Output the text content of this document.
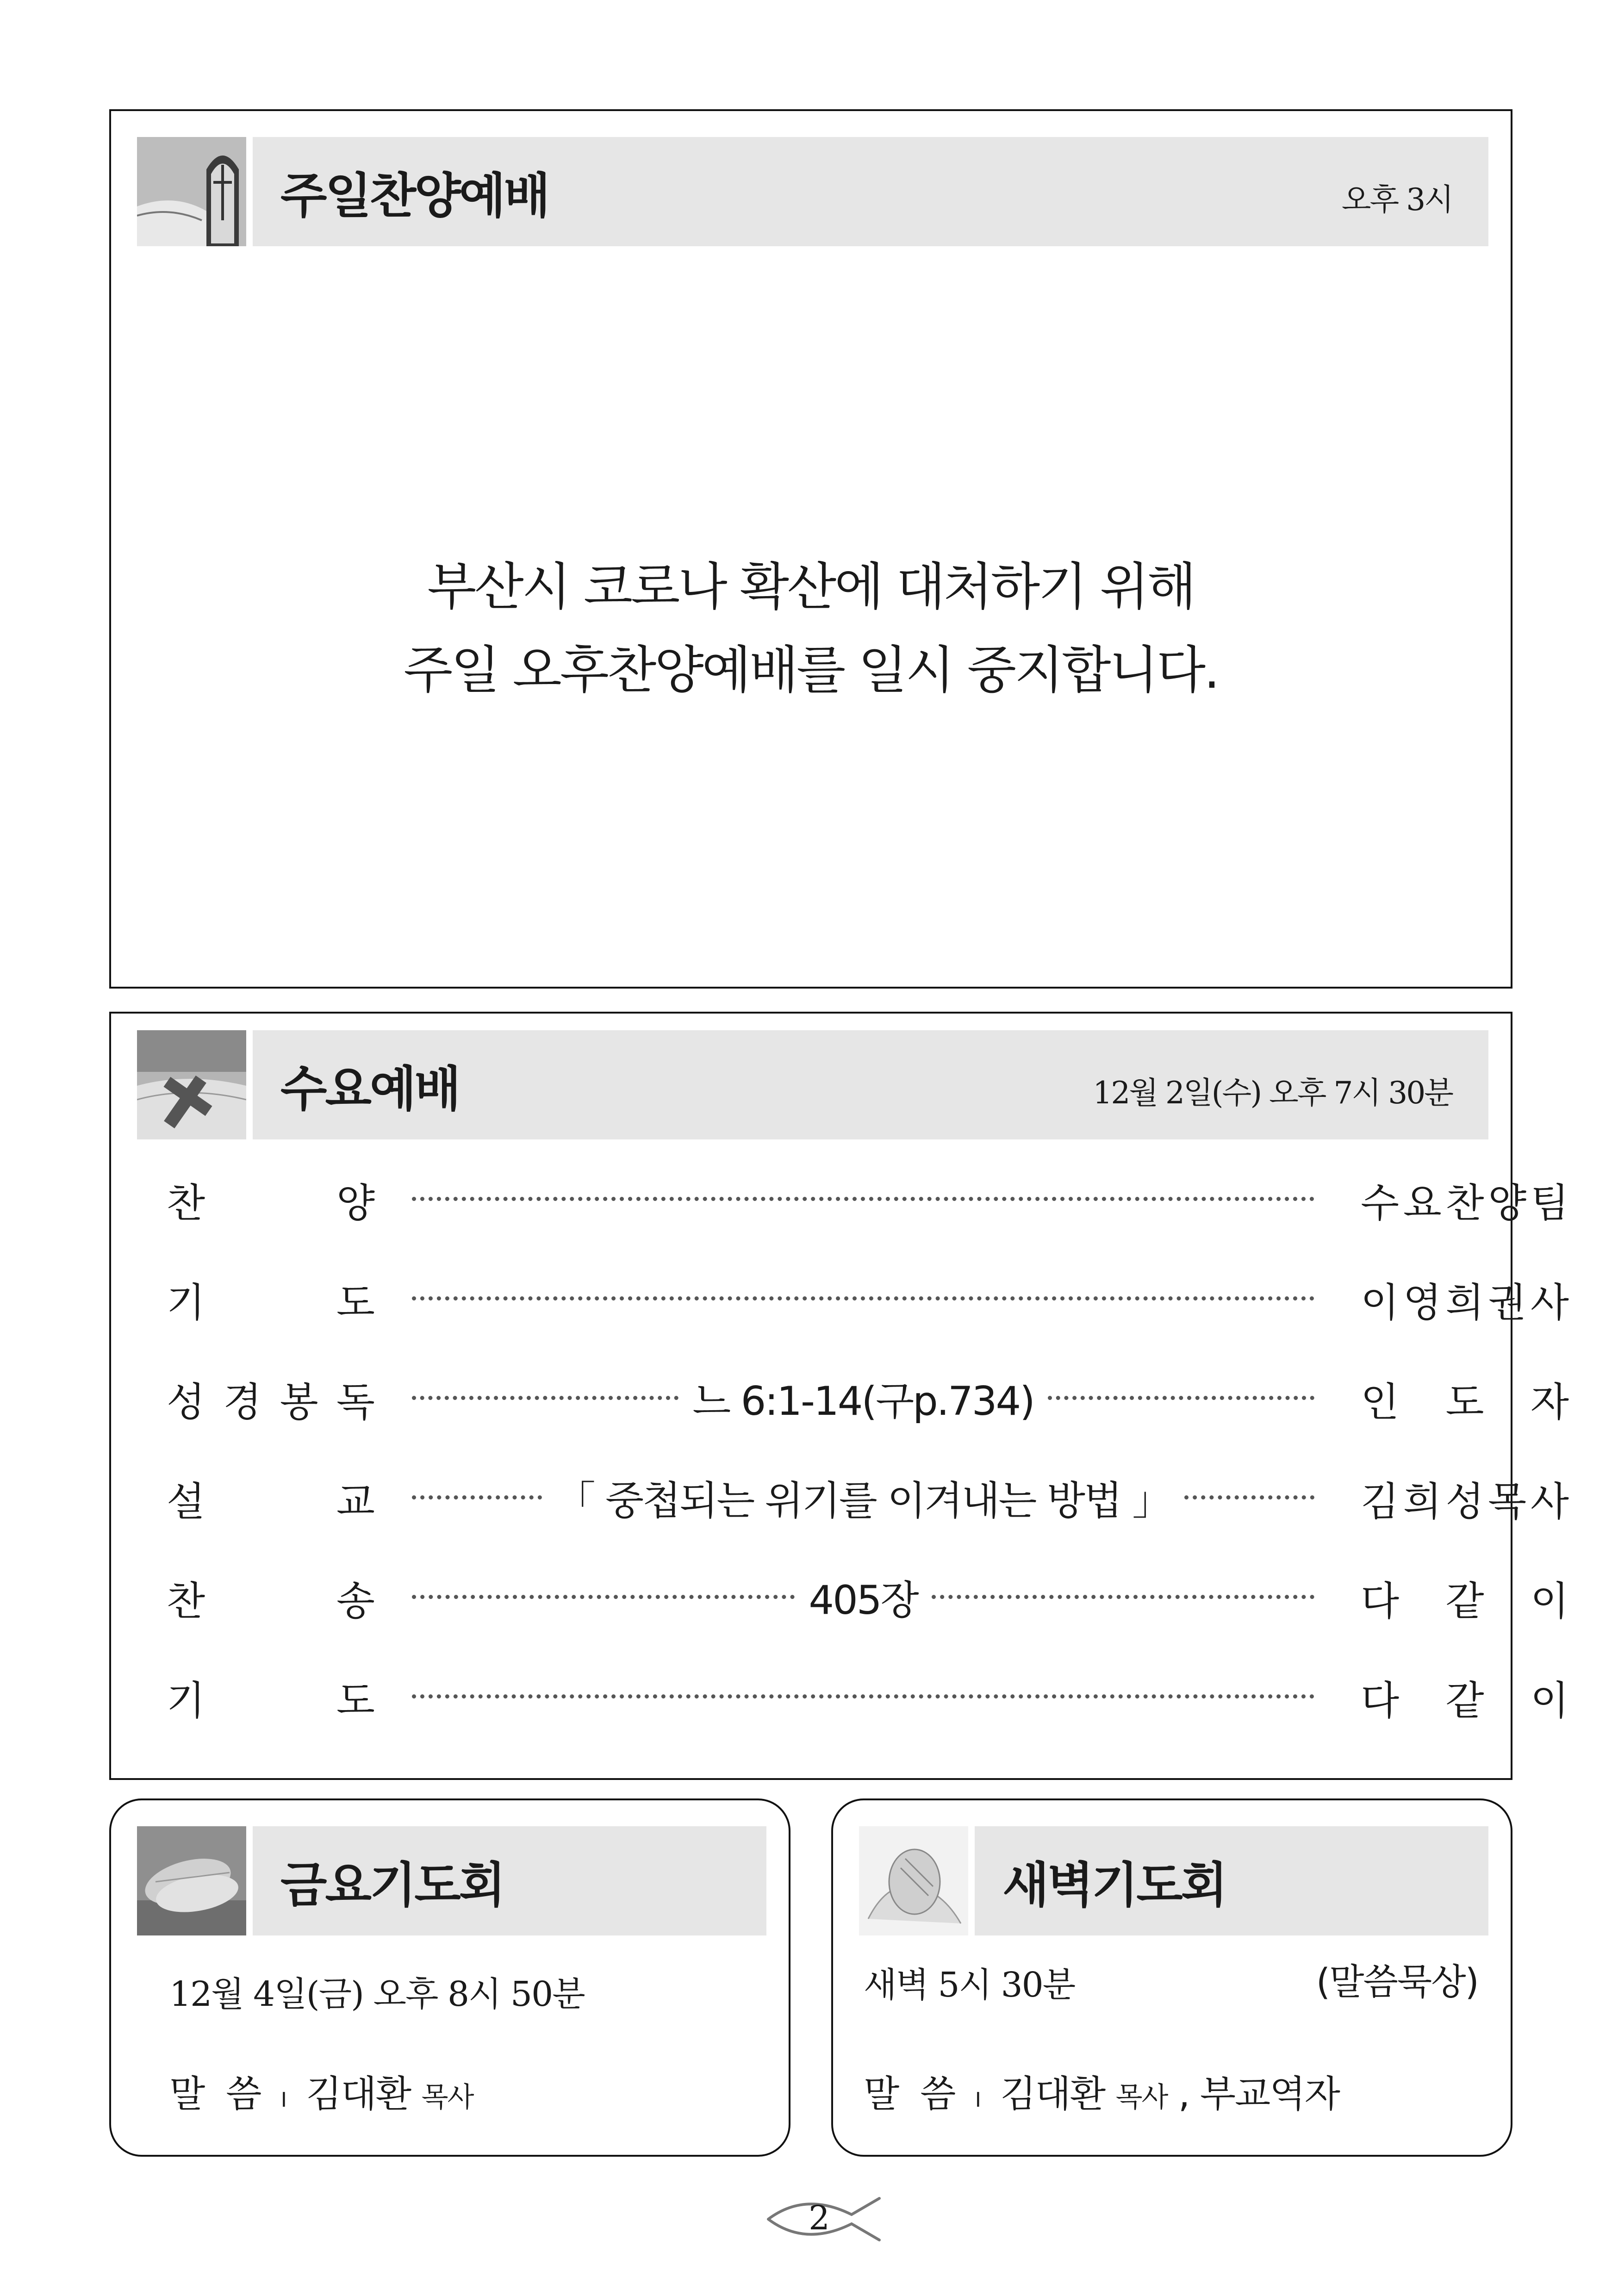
주일찬양예배	오후 3시
부산시 코로나 확산에 대처하기 위해
주일 오후찬양예배를 일시 중지합니다.
수요예배	12월 2일(수) 오후 7시 30분
찬	양	수 요 찬 양 팀
기	도	이 영 희 권 사
성 경 봉 독	느 6:1-14(구p.734)	인 도 자
설	교	「 중첩되는 위기를 이겨내는 방법 」	김 희 성 목 사
찬	송	405장	다 같 이
기	도	다 같 이
금요기도회
12월 4일(금) 오후 8시 50분
말  씀 I 김대환 목사
새벽기도회
새벽 5시 30분	(말씀묵상)
말  씀 I 김대환 목사 , 부교역자
2
